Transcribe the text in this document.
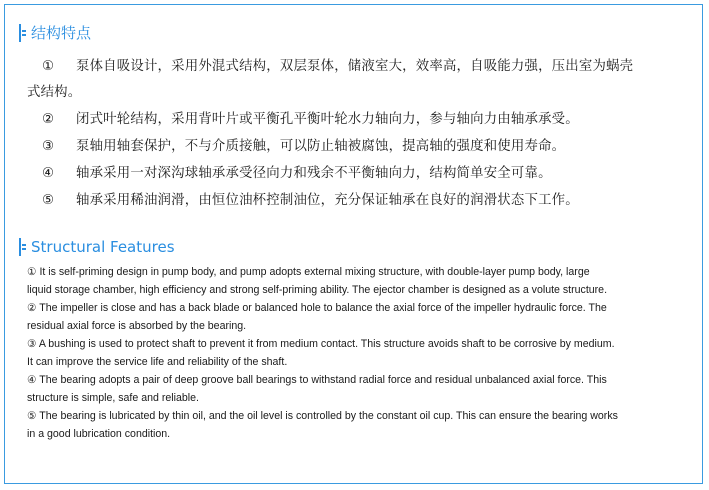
结构特点
① 泵体自吸设计，采用外混式结构，双层泵体，储液室大，效率高，自吸能力强，压出室为蜗壳
式结构。
② 闭式叶轮结构，采用背叶片或平衡孔平衡叶轮水力轴向力，参与轴向力由轴承承受。
③ 泵轴用轴套保护，不与介质接触，可以防止轴被腐蚀，提高轴的强度和使用寿命。
④ 轴承采用一对深沟球轴承承受径向力和残余不平衡轴向力，结构简单安全可靠。
⑤ 轴承采用稀油润滑，由恒位油杯控制油位，充分保证轴承在良好的润滑状态下工作。
Structural Features
① It is self-priming design in pump body, and pump adopts external mixing structure, with double-layer pump body, large
liquid storage chamber, high efficiency and strong self-priming ability. The ejector chamber is designed as a volute structure.
② The impeller is close and has a back blade or balanced hole to balance the axial force of the impeller hydraulic force. The
residual axial force is absorbed by the bearing.
③ A bushing is used to protect shaft to prevent it from medium contact. This structure avoids shaft to be corrosive by medium.
It can improve the service life and reliability of the shaft.
④ The bearing adopts a pair of deep groove ball bearings to withstand radial force and residual unbalanced axial force. This
structure is simple, safe and reliable.
⑤ The bearing is lubricated by thin oil, and the oil level is controlled by the constant oil cup. This can ensure the bearing works
in a good lubrication condition.
